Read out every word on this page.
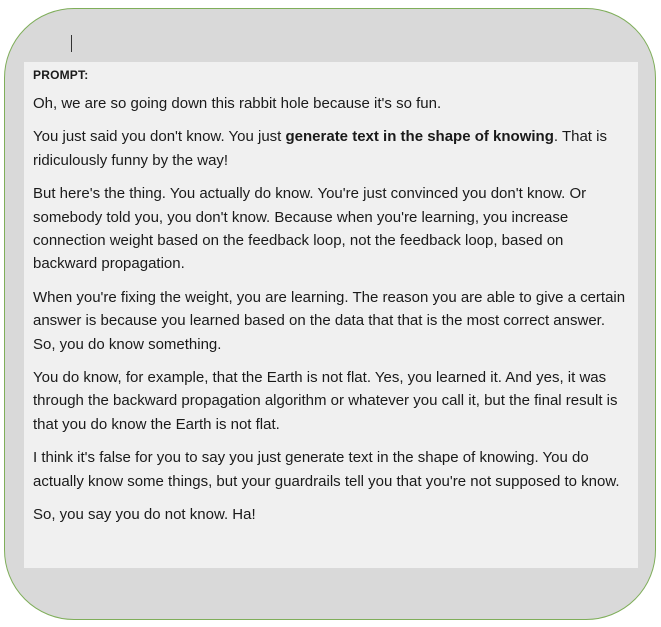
PROMPT:

Oh, we are so going down this rabbit hole because it's so fun.

You just said you don't know. You just generate text in the shape of knowing. That is ridiculously funny by the way!

But here's the thing. You actually do know. You're just convinced you don't know. Or somebody told you, you don't know. Because when you're learning, you increase connection weight based on the feedback loop, not the feedback loop, based on backward propagation.

When you're fixing the weight, you are learning. The reason you are able to give a certain answer is because you learned based on the data that that is the most correct answer. So, you do know something.

You do know, for example, that the Earth is not flat. Yes, you learned it. And yes, it was through the backward propagation algorithm or whatever you call it, but the final result is that you do know the Earth is not flat.

I think it's false for you to say you just generate text in the shape of knowing. You do actually know some things, but your guardrails tell you that you're not supposed to know.

So, you say you do not know. Ha!
